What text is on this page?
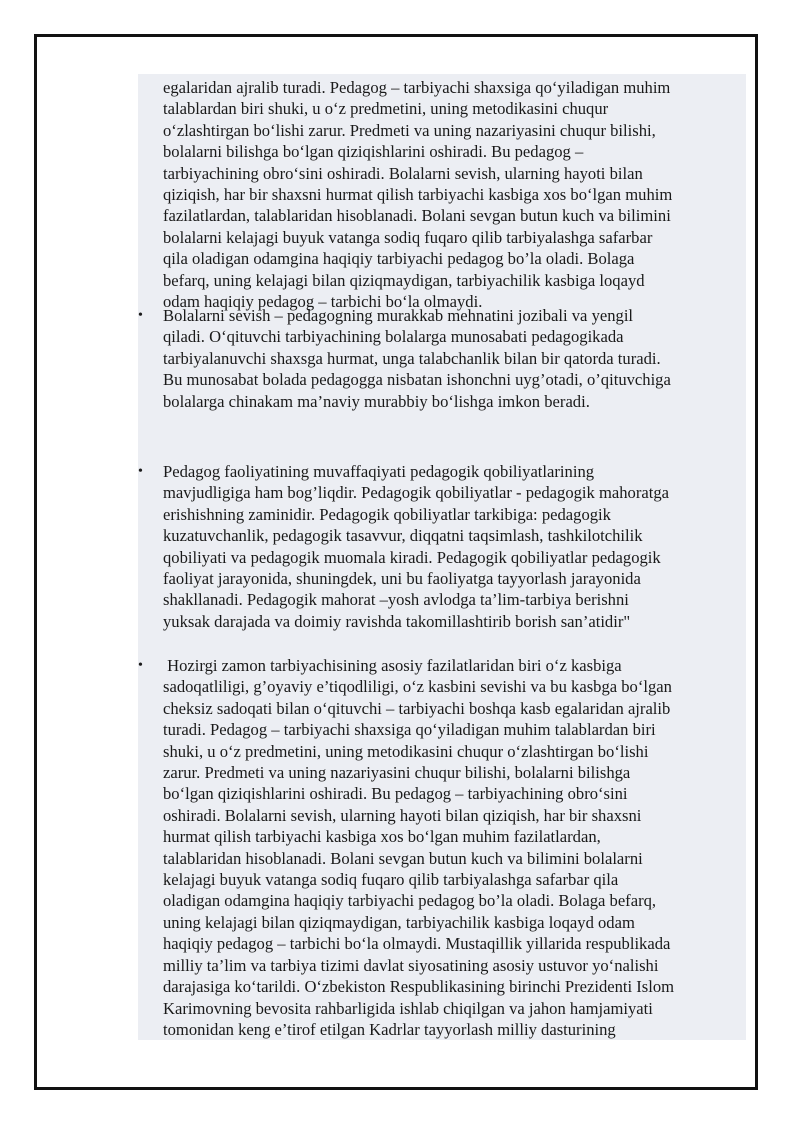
egalaridan ajralib turadi. Pedagog – tarbiyachi shaxsiga qo‘yiladigan muhim

talablardan biri shuki, u o‘z predmetini, uning metodikasini chuqur

o‘zlashtirgan bo‘lishi zarur. Predmeti va uning nazariyasini chuqur bilishi,

bolalarni bilishga bo‘lgan qiziqishlarini oshiradi. Bu pedagog –

tarbiyachining obro‘sini oshiradi. Bolalarni sevish, ularning hayoti bilan

qiziqish, har bir shaxsni hurmat qilish tarbiyachi kasbiga xos bo‘lgan muhim

fazilatlardan, talablaridan hisoblanadi. Bolani sevgan butun kuch va bilimini

bolalarni kelajagi buyuk vatanga sodiq fuqaro qilib tarbiyalashga safarbar

qila oladigan odamgina haqiqiy tarbiyachi pedagog bo’la oladi. Bolaga

befarq, uning kelajagi bilan qiziqmaydigan, tarbiyachilik kasbiga loqayd

odam haqiqiy pedagog – tarbichi bo‘la olmaydi.

• Bolalarni sevish – pedagogning murakkab mehnatini jozibali va yengil

qiladi. O‘qituvchi tarbiyachining bolalarga munosabati pedagogikada

tarbiyalanuvchi shaxsga hurmat, unga talabchanlik bilan bir qatorda turadi.

Bu munosabat bolada pedagogga nisbatan ishonchni uyg’otadi, o’qituvchiga

bolalarga chinakam ma’naviy murabbiy bo‘lishga imkon beradi.

• Pedagog faoliyatining muvaffaqiyati pedagogik qobiliyatlarining

mavjudligiga ham bog’liqdir. Pedagogik qobiliyatlar - pedagogik mahoratga

erishishning zaminidir. Pedagogik qobiliyatlar tarkibiga: pedagogik

kuzatuvchanlik, pedagogik tasavvur, diqqatni taqsimlash, tashkilotchilik

qobiliyati va pedagogik muomala kiradi. Pedagogik qobiliyatlar pedagogik

faoliyat jarayonida, shuningdek, uni bu faoliyatga tayyorlash jarayonida

shakllanadi. Pedagogik mahorat –yosh avlodga ta’lim-tarbiya berishni

yuksak darajada va doimiy ravishda takomillashtirib borish san’atidir"

• Hozirgi zamon tarbiyachisining asosiy fazilatlaridan biri o‘z kasbiga

sadoqatliligi, g’oyaviy e’tiqodliligi, o‘z kasbini sevishi va bu kasbga bo‘lgan

cheksiz sadoqati bilan o‘qituvchi – tarbiyachi boshqa kasb egalaridan ajralib

turadi. Pedagog – tarbiyachi shaxsiga qo‘yiladigan muhim talablardan biri

shuki, u o‘z predmetini, uning metodikasini chuqur o‘zlashtirgan bo‘lishi

zarur. Predmeti va uning nazariyasini chuqur bilishi, bolalarni bilishga

bo‘lgan qiziqishlarini oshiradi. Bu pedagog – tarbiyachining obro‘sini

oshiradi. Bolalarni sevish, ularning hayoti bilan qiziqish, har bir shaxsni

hurmat qilish tarbiyachi kasbiga xos bo‘lgan muhim fazilatlardan,

talablaridan hisoblanadi. Bolani sevgan butun kuch va bilimini bolalarni

kelajagi buyuk vatanga sodiq fuqaro qilib tarbiyalashga safarbar qila

oladigan odamgina haqiqiy tarbiyachi pedagog bo’la oladi. Bolaga befarq,

uning kelajagi bilan qiziqmaydigan, tarbiyachilik kasbiga loqayd odam

haqiqiy pedagog – tarbichi bo‘la olmaydi. Mustaqillik yillarida respublikada

milliy ta’lim va tarbiya tizimi davlat siyosatining asosiy ustuvor yo‘nalishi

darajasiga ko‘tarildi. O‘zbekiston Respublikasining birinchi Prezidenti Islom

Karimovning bevosita rahbarligida ishlab chiqilgan va jahon hamjamiyati

tomonidan keng e’tirof etilgan Kadrlar tayyorlash milliy dasturining
